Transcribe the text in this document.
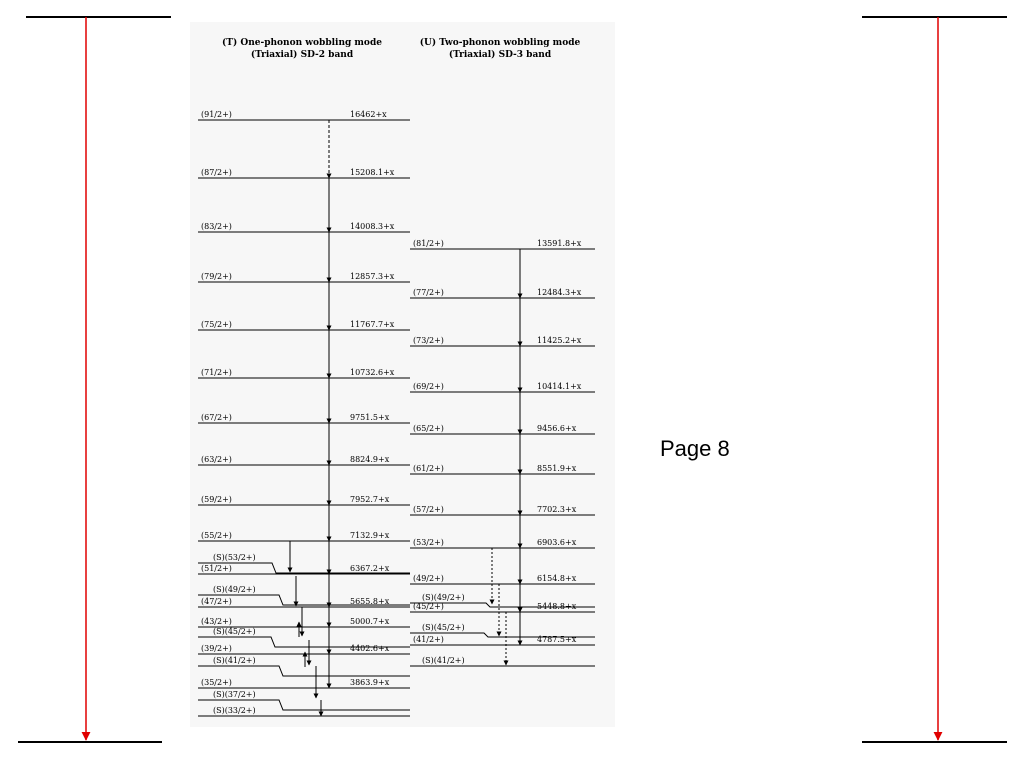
(T) One-phonon wobbling mode
(Triaxial) SD-2 band
(U) Two-phonon wobbling mode
(Triaxial) SD-3 band
(91/2+)	16462+x
(87/2+)	15208.1+x
(83/2+)	14008.3+x
(79/2+)	12857.3+x
(75/2+)	11767.7+x
(71/2+)	10732.6+x
(67/2+)	9751.5+x
(63/2+)	8824.9+x
(59/2+)	7952.7+x
(55/2+)	7132.9+x
(51/2+)	6367.2+x
(47/2+)	5655.8+x
(43/2+)	5000.7+x
(39/2+)	4402.6+x
(35/2+)	3863.9+x
(81/2+)	13591.8+x
(77/2+)	12484.3+x
(73/2+)	11425.2+x
(69/2+)	10414.1+x
(65/2+)	9456.6+x
(61/2+)	8551.9+x
(57/2+)	7702.3+x
(53/2+)	6903.6+x
(49/2+)	6154.8+x
(45/2+)	5448.8+x
(41/2+)	4787.5+x
(S)(53/2+)
(S)(49/2+)
(S)(45/2+)
(S)(41/2+)
(S)(37/2+)
(S)(33/2+)
(S)(49/2+)
(S)(45/2+)
(S)(41/2+)
Page 8
